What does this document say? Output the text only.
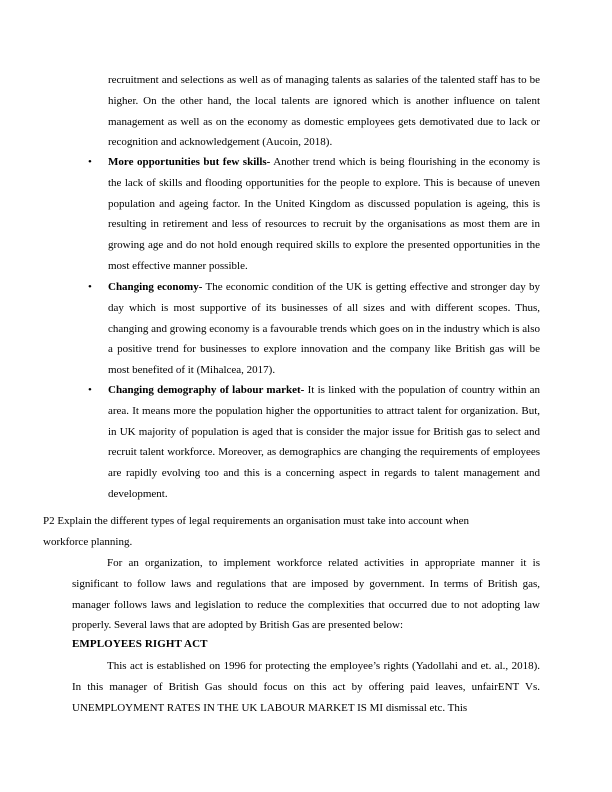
recruitment and selections as well as of managing talents as salaries of the talented staff has to be higher. On the other hand, the local talents are ignored which is another influence on talent management as well as on the economy as domestic employees gets demotivated due to lack or recognition and acknowledgement (Aucoin, 2018).

• More opportunities but few skills- Another trend which is being flourishing in the economy is the lack of skills and flooding opportunities for the people to explore. This is because of uneven population and ageing factor. In the United Kingdom as discussed population is ageing, this is resulting in retirement and less of resources to recruit by the organisations as most them are in growing age and do not hold enough required skills to explore the presented opportunities in the most effective manner possible.

• Changing economy- The economic condition of the UK is getting effective and stronger day by day which is most supportive of its businesses of all sizes and with different scopes. Thus, changing and growing economy is a favourable trends which goes on in the industry which is also a positive trend for businesses to explore innovation and the company like British gas will be most benefited of it (Mihalcea, 2017).

• Changing demography of labour market- It is linked with the population of country within an area. It means more the population higher the opportunities to attract talent for organization. But, in UK majority of population is aged that is consider the major issue for British gas to select and recruit talent workforce. Moreover, as demographics are changing the requirements of employees are rapidly evolving too and this is a concerning aspect in regards to talent management and development.

P2 Explain the different types of legal requirements an organisation must take into account when workforce planning.

For an organization, to implement workforce related activities in appropriate manner it is significant to follow laws and regulations that are imposed by government. In terms of British gas, manager follows laws and legislation to reduce the complexities that occurred due to not adopting law properly. Several laws that are adopted by British Gas are presented below:

EMPLOYEES RIGHT ACT

This act is established on 1996 for protecting the employee’s rights (Yadollahi and et. al., 2018). In this manager of British Gas should focus on this act by offering paid leaves, unfairENT Vs. UNEMPLOYMENT RATES IN THE UK LABOUR MARKET IS MI dismissal etc. This
